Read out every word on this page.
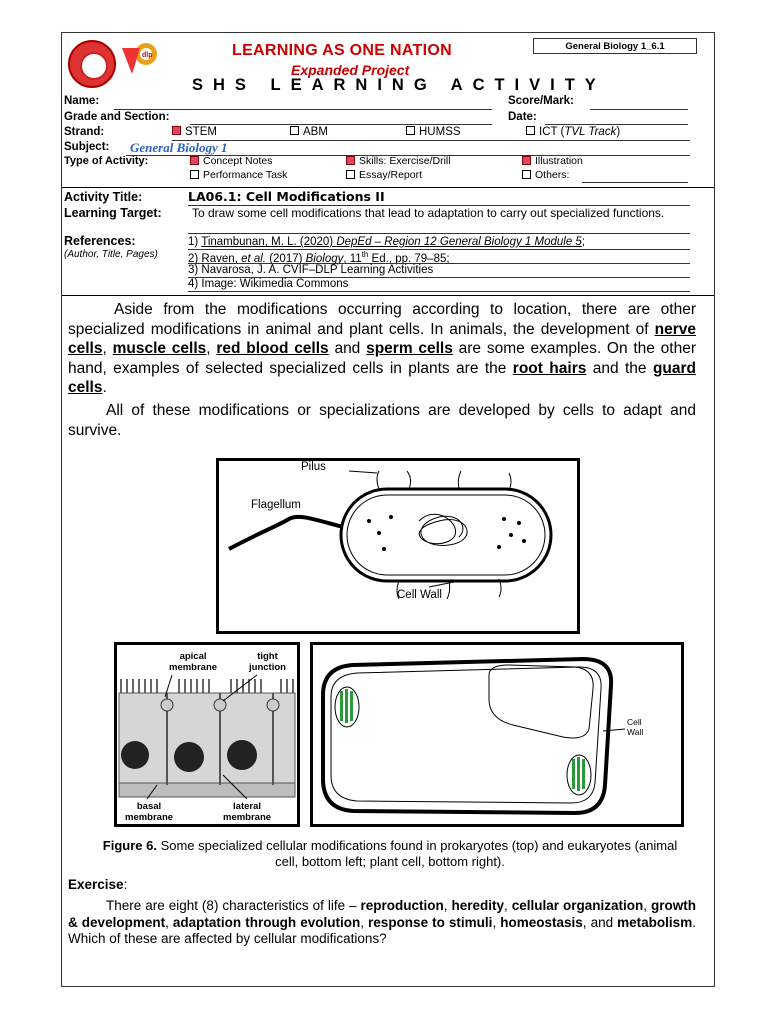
dlp	LEARNING AS ONE NATION
Expanded Project
SHS LEARNING ACTIVITY
General Biology 1_6.1
Name:	Score/Mark:
Grade and Section:	Date:
Strand:	STEM	ABM	HUMSS	ICT (TVL Track)
Subject: General Biology 1
Type of Activity:	Concept Notes	Skills: Exercise/Drill	Illustration
Performance Task	Essay/Report	Others:
Activity Title:	LA06.1: Cell Modifications II
Learning Target:	To draw some cell modifications that lead to adaptation to carry out specialized functions.
References:
(Author, Title, Pages)
1) Tinambunan, M. L. (2020) DepEd – Region 12 General Biology 1 Module 5;
2) Raven, et al. (2017) Biology, 11th Ed., pp. 79–85;
3) Navarosa, J. A. CVIF–DLP Learning Activities
4) Image: Wikimedia Commons
Aside from the modifications occurring according to location, there are other specialized modifications in animal and plant cells. In animals, the development of nerve cells, muscle cells, red blood cells and sperm cells are some examples. On the other hand, examples of selected specialized cells in plants are the root hairs and the guard cells.
All of these modifications or specializations are developed by cells to adapt and survive.
Pilus
Flagellum
Cell Wall
apical
membrane
tight
junction
basal
membrane
lateral
membrane
Cell
Wall
Figure 6. Some specialized cellular modifications found in prokaryotes (top) and eukaryotes (animal cell, bottom left; plant cell, bottom right).
Exercise:
There are eight (8) characteristics of life – reproduction, heredity, cellular organization, growth & development, adaptation through evolution, response to stimuli, homeostasis, and metabolism. Which of these are affected by cellular modifications?
